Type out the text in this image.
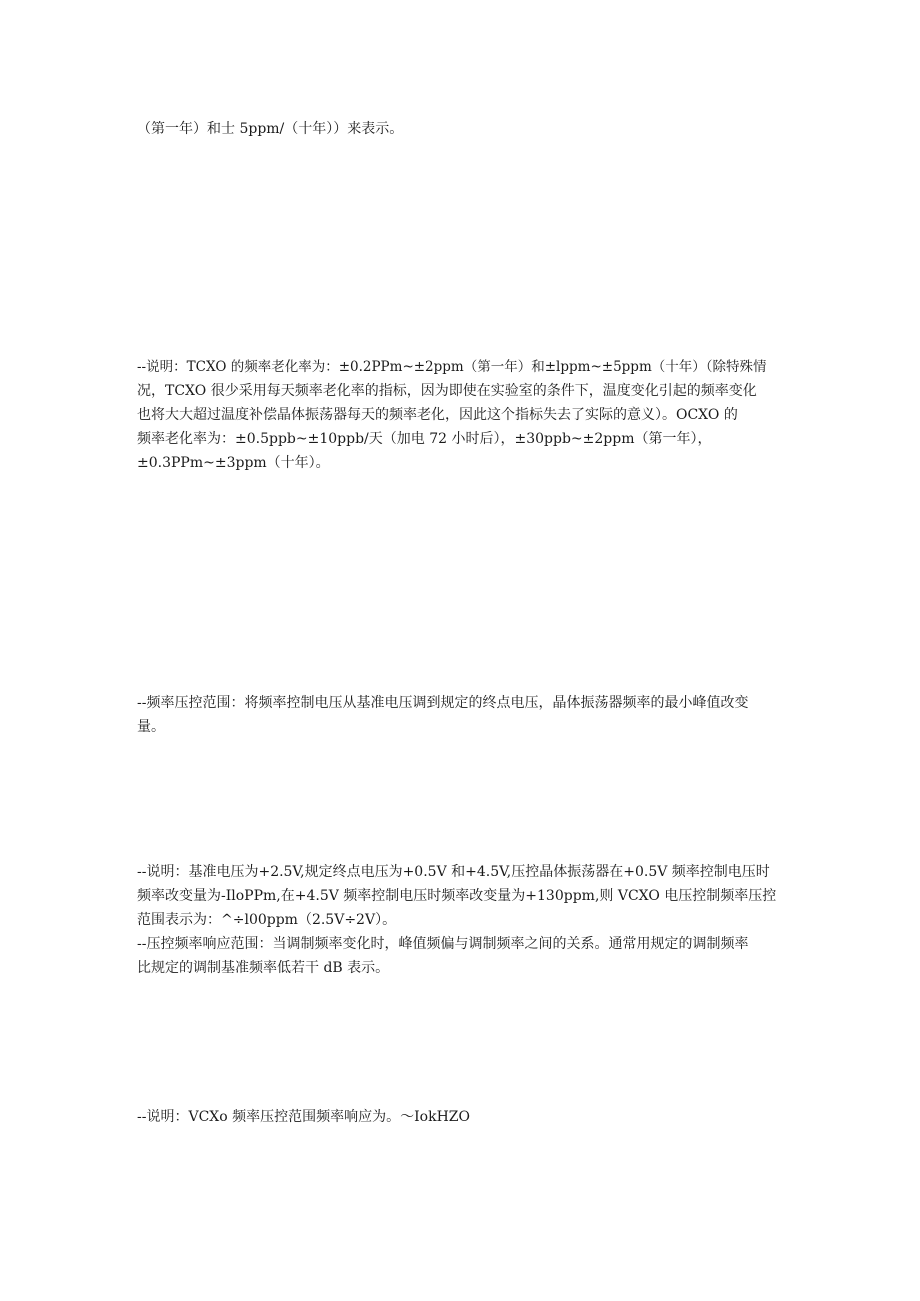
（第一年）和士 5ppm/（十年））来表示。
--说明：TCXO 的频率老化率为：±0.2PPm~±2ppm（第一年）和±lppm~±5ppm（十年）（除特殊情
况，TCXO 很少采用每天频率老化率的指标，因为即使在实验室的条件下，温度变化引起的频率变化
也将大大超过温度补偿晶体振荡器每天的频率老化，因此这个指标失去了实际的意义）。OCXO 的
频率老化率为：±0.5ppb~±10ppb/天（加电 72 小时后），±30ppb~±2ppm（第一年），
±0.3PPm~±3ppm（十年）。
--频率压控范围：将频率控制电压从基准电压调到规定的终点电压，晶体振荡器频率的最小峰值改变
量。
--说明：基准电压为+2.5V,规定终点电压为+0.5V 和+4.5V,压控晶体振荡器在+0.5V 频率控制电压时
频率改变量为-IloPPm,在+4.5V 频率控制电压时频率改变量为+130ppm,则 VCXO 电压控制频率压控
范围表示为：^÷l00ppm（2.5V÷2V）。
--压控频率响应范围：当调制频率变化时，峰值频偏与调制频率之间的关系。通常用规定的调制频率
比规定的调制基准频率低若干 dB 表示。
--说明：VCXo 频率压控范围频率响应为。～IokHZO
